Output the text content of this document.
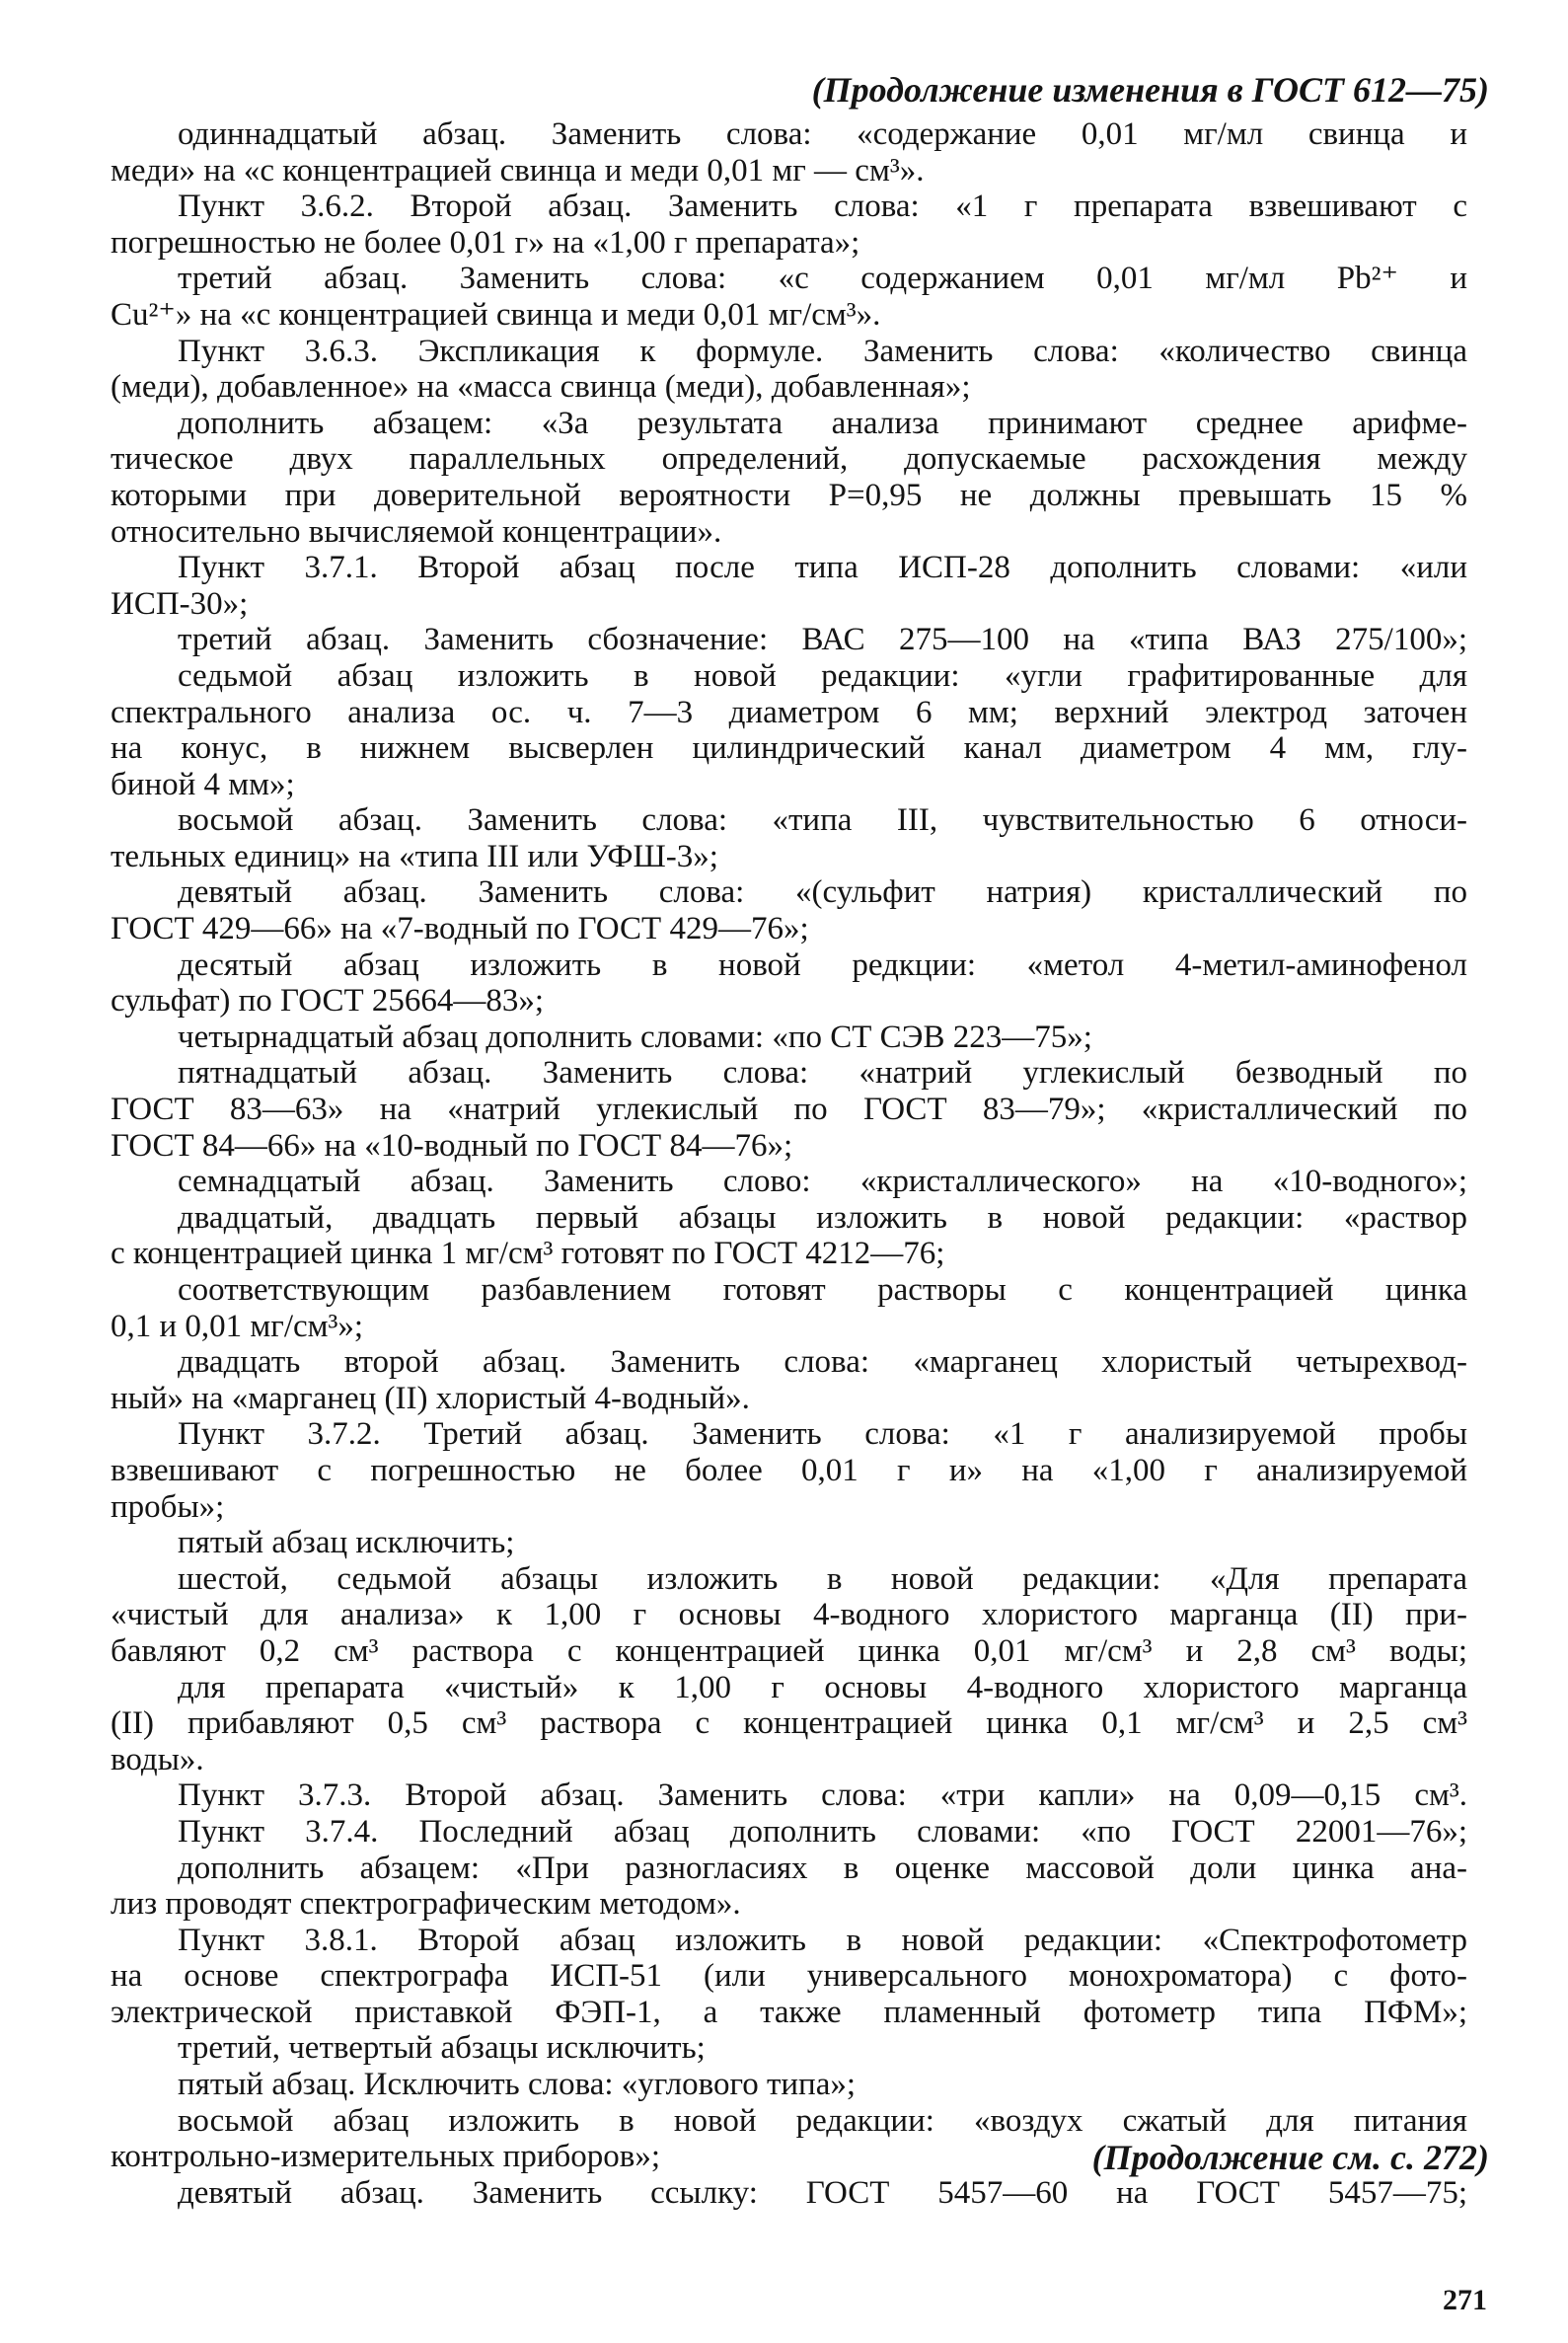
(Продолжение изменения в ГОСТ 612—75)
одиннадцатый абзац. Заменить слова: «содержание 0,01 мг/мл свинца и
меди» на «с концентрацией свинца и меди 0,01 мг — см³».
Пункт 3.6.2. Второй абзац. Заменить слова: «1 г препарата взвешивают с
погрешностью не более 0,01 г» на «1,00 г препарата»;
третий абзац. Заменить слова: «с содержанием 0,01 мг/мл Pb²⁺ и
Cu²⁺» на «с концентрацией свинца и меди 0,01 мг/см³».
Пункт 3.6.3. Экспликация к формуле. Заменить слова: «количество свинца
(меди), добавленное» на «масса свинца (меди), добавленная»;
дополнить абзацем: «За результата анализа принимают среднее арифме-
тическое двух параллельных определений, допускаемые расхождения между
которыми при доверительной вероятности P=0,95 не должны превышать 15 %
относительно вычисляемой концентрации».
Пункт 3.7.1. Второй абзац после типа ИСП-28 дополнить словами: «или
ИСП-30»;
третий абзац. Заменить сбозначение: ВАС 275—100 на «типа ВАЗ 275/100»;
седьмой абзац изложить в новой редакции: «угли графитированные для
спектрального анализа ос. ч. 7—3 диаметром 6 мм; верхний электрод заточен
на конус, в нижнем высверлен цилиндрический канал диаметром 4 мм, глу-
биной 4 мм»;
восьмой абзац. Заменить слова: «типа III, чувствительностью 6 относи-
тельных единиц» на «типа III или УФШ-3»;
девятый абзац. Заменить слова: «(сульфит натрия) кристаллический по
ГОСТ 429—66» на «7-водный по ГОСТ 429—76»;
десятый абзац изложить в новой редкции: «метол 4-метил-аминофенол
сульфат) по ГОСТ 25664—83»;
четырнадцатый абзац дополнить словами: «по СТ СЭВ 223—75»;
пятнадцатый абзац. Заменить слова: «натрий углекислый безводный по
ГОСТ 83—63» на «натрий углекислый по ГОСТ 83—79»; «кристаллический по
ГОСТ 84—66» на «10-водный по ГОСТ 84—76»;
семнадцатый абзац. Заменить слово: «кристаллического» на «10-водного»;
двадцатый, двадцать первый абзацы изложить в новой редакции: «раствор
с концентрацией цинка 1 мг/см³ готовят по ГОСТ 4212—76;
соответствующим разбавлением готовят растворы с концентрацией цинка
0,1 и 0,01 мг/см³»;
двадцать второй абзац. Заменить слова: «марганец хлористый четырехвод-
ный» на «марганец (II) хлористый 4-водный».
Пункт 3.7.2. Третий абзац. Заменить слова: «1 г анализируемой пробы
взвешивают с погрешностью не более 0,01 г и» на «1,00 г анализируемой
пробы»;
пятый абзац исключить;
шестой, седьмой абзацы изложить в новой редакции: «Для препарата
«чистый для анализа» к 1,00 г основы 4-водного хлористого марганца (II) при-
бавляют 0,2 см³ раствора с концентрацией цинка 0,01 мг/см³ и 2,8 см³ воды;
для препарата «чистый» к 1,00 г основы 4-водного хлористого марганца
(II) прибавляют 0,5 см³ раствора с концентрацией цинка 0,1 мг/см³ и 2,5 см³
воды».
Пункт 3.7.3. Второй абзац. Заменить слова: «три капли» на 0,09—0,15 см³.
Пункт 3.7.4. Последний абзац дополнить словами: «по ГОСТ 22001—76»;
дополнить абзацем: «При разногласиях в оценке массовой доли цинка ана-
лиз проводят спектрографическим методом».
Пункт 3.8.1. Второй абзац изложить в новой редакции: «Спектрофотометр
на основе спектрографа ИСП-51 (или универсального монохроматора) с фото-
электрической приставкой ФЭП-1, а также пламенный фотометр типа ПФМ»;
третий, четвертый абзацы исключить;
пятый абзац. Исключить слова: «углового типа»;
восьмой абзац изложить в новой редакции: «воздух сжатый для питания
контрольно-измерительных приборов»;
девятый абзац. Заменить ссылку: ГОСТ 5457—60 на ГОСТ 5457—75;
(Продолжение см. с. 272)
271
